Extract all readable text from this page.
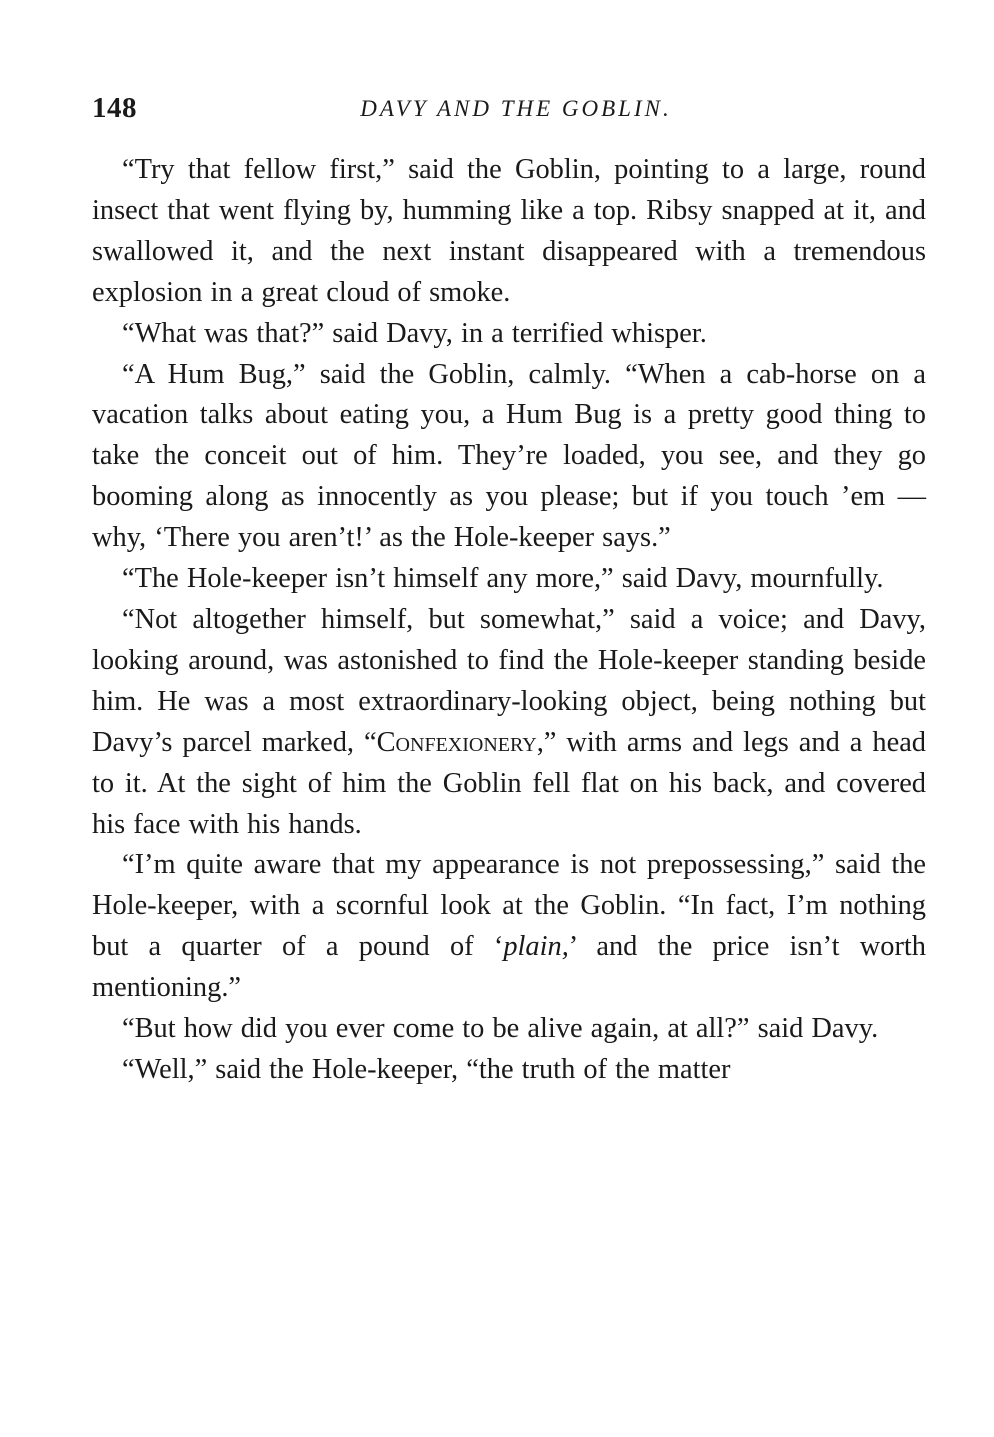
148	DAVY AND THE GOBLIN.

“Try that fellow first,” said the Goblin, pointing to a large, round insect that went flying by, humming like a top. Ribsy snapped at it, and swallowed it, and the next instant disappeared with a tremendous explosion in a great cloud of smoke.

“What was that?” said Davy, in a terrified whisper.

“A Hum Bug,” said the Goblin, calmly. “When a cab-horse on a vacation talks about eating you, a Hum Bug is a pretty good thing to take the conceit out of him. They’re loaded, you see, and they go booming along as innocently as you please; but if you touch ’em — why, ‘There you aren’t!’ as the Hole-keeper says.”

“The Hole-keeper isn’t himself any more,” said Davy, mournfully.

“Not altogether himself, but somewhat,” said a voice; and Davy, looking around, was astonished to find the Hole-keeper standing beside him. He was a most extraordinary-looking object, being nothing but Davy’s parcel marked, “Confexionery,” with arms and legs and a head to it. At the sight of him the Goblin fell flat on his back, and covered his face with his hands.

“I’m quite aware that my appearance is not prepossessing,” said the Hole-keeper, with a scornful look at the Goblin. “In fact, I’m nothing but a quarter of a pound of ‘plain,’ and the price isn’t worth mentioning.”

“But how did you ever come to be alive again, at all?” said Davy.

“Well,” said the Hole-keeper, “the truth of the matter
